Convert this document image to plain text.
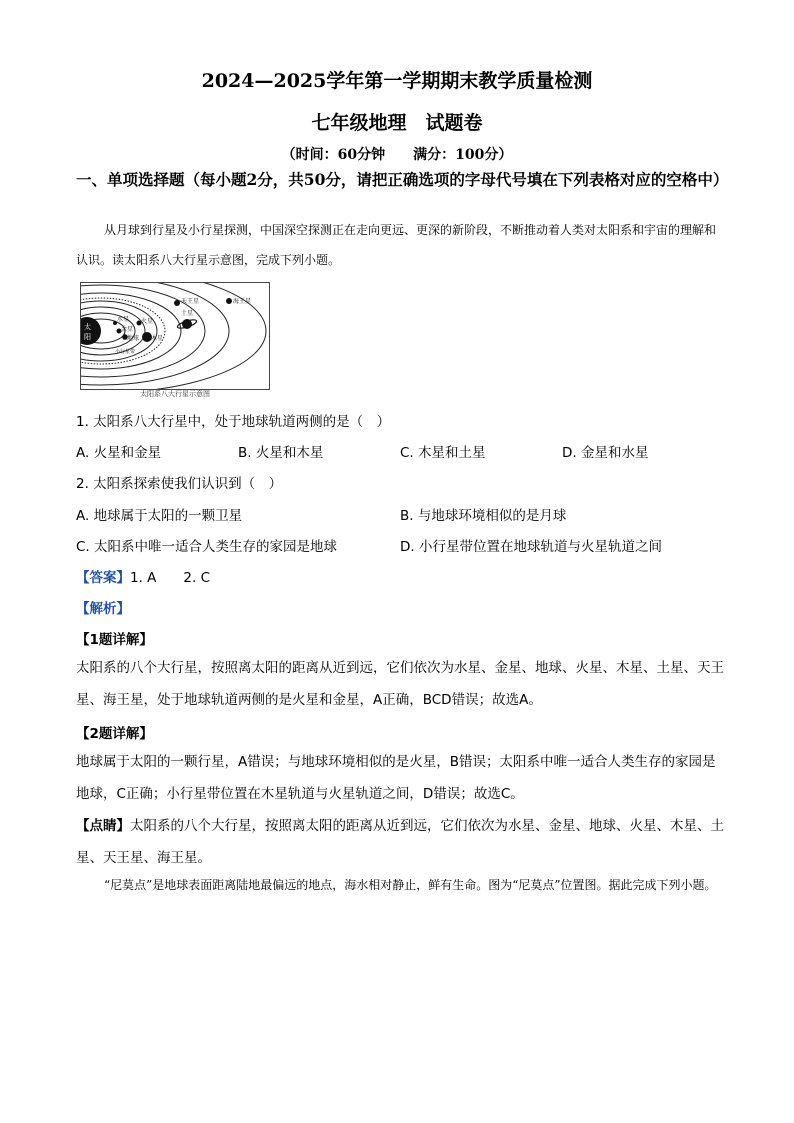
2024—2025学年第一学期期末教学质量检测
七年级地理　试题卷
（时间：60分钟　　满分：100分）
一、单项选择题（每小题2分，共50分，请把正确选项的字母代号填在下列表格对应的空格中）
从月球到行星及小行星探测，中国深空探测正在走向更远、更深的新阶段，不断推动着人类对太阳系和宇宙的理解和认识。读太阳系八大行星示意图，完成下列小题。
太
阳
水星
金星
地球
火星
木星
土星
天王星	海王星
小行星带
太阳系八大行星示意图
1. 太阳系八大行星中，处于地球轨道两侧的是（　）
A. 火星和金星	B. 火星和木星	C. 木星和土星	D. 金星和水星
2. 太阳系探索使我们认识到（　）
A. 地球属于太阳的一颗卫星	B. 与地球环境相似的是月球
C. 太阳系中唯一适合人类生存的家园是地球	D. 小行星带位置在地球轨道与火星轨道之间
【答案】1. A　　2. C
【解析】
【1题详解】
太阳系的八个大行星，按照离太阳的距离从近到远，它们依次为水星、金星、地球、火星、木星、土星、天王星、海王星，处于地球轨道两侧的是火星和金星，A正确，BCD错误；故选A。
【2题详解】
地球属于太阳的一颗行星，A错误；与地球环境相似的是火星，B错误；太阳系中唯一适合人类生存的家园是地球，C正确；小行星带位置在木星轨道与火星轨道之间，D错误；故选C。
【点睛】太阳系的八个大行星，按照离太阳的距离从近到远，它们依次为水星、金星、地球、火星、木星、土星、天王星、海王星。
“尼莫点”是地球表面距离陆地最偏远的地点，海水相对静止，鲜有生命。图为“尼莫点”位置图。据此完成下列小题。
